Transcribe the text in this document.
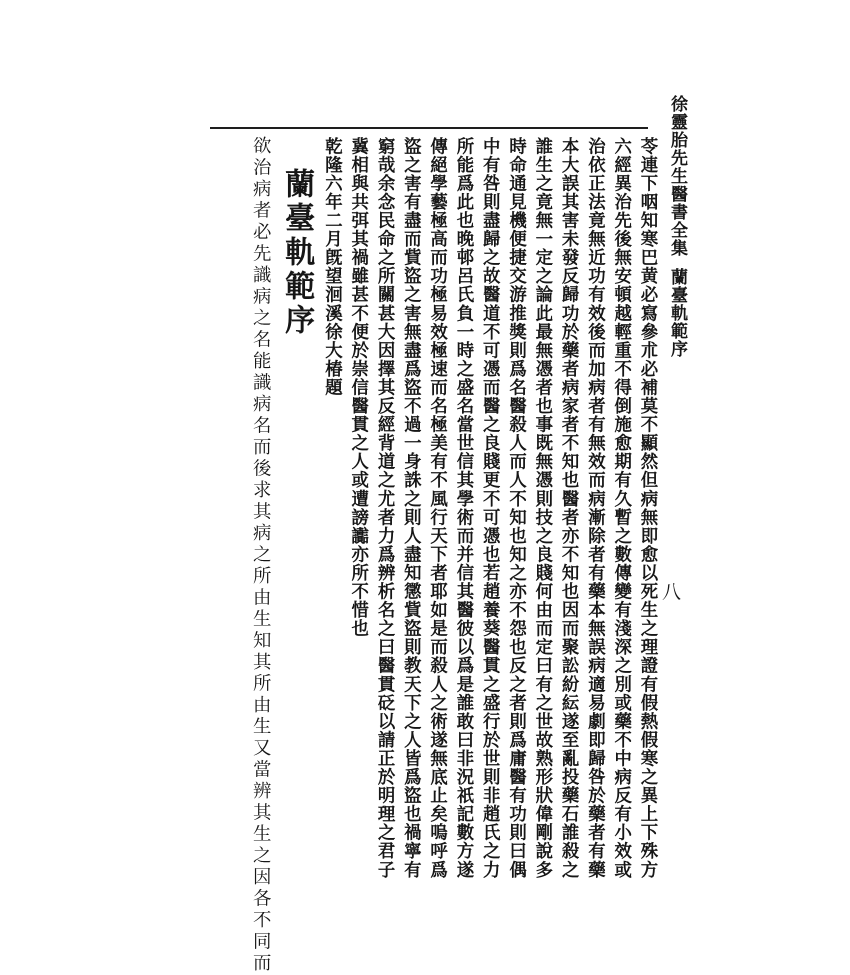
徐靈胎先生醫書全集
蘭臺軌範序
八
苓連下咽知寒巴黄必寫參朮必補莫不顯然但病無即愈以死生之理證有假熱假寒之異上下殊方
六經異治先後無安頓越輕重不得倒施愈期有久暫之數傳變有淺深之別或藥不中病反有小效或
治依正法竟無近功有效後而加病者有無效而病漸除者有藥本無誤病適易劇即歸咎於藥者有藥
本大誤其害未發反歸功於藥者病家者不知也醫者亦不知也因而聚訟紛紜遂至亂投藥石誰殺之
誰生之竟無一定之論此最無憑者也事既無憑則技之良賤何由而定曰有之世故熟形狀偉剛說多
時命通見機便捷交游推獎則爲名醫殺人而人不知也知之亦不怨也反之者則爲庸醫有功則曰偶
中有咎則盡歸之故醫道不可憑而醫之良賤更不可憑也若趙養葵醫貫之盛行於世則非趙氏之力
所能爲此也晚邨呂氏負一時之盛名當世信其學術而并信其醫彼以爲是誰敢曰非況祇記數方遂
傳絕學藝極高而功極易效極速而名極美有不風行天下者耶如是而殺人之術遂無底止矣嗚呼爲
盜之害有盡而貲盜之害無盡爲盜不過一身誅之則人盡知懲貲盜則教天下之人皆爲盜也禍寧有
窮哉余念民命之所關甚大因擇其反經背道之尤者力爲辨析名之曰醫貫砭以請正於明理之君子
冀相與共弭其禍雖甚不便於崇信醫貫之人或遭謗讟亦所不惜也
乾隆六年二月旣望洄溪徐大椿題
蘭臺軌範序
欲治病者必先識病之名能識病名而後求其病之所由生知其所由生又當辨其生之因各不同而
